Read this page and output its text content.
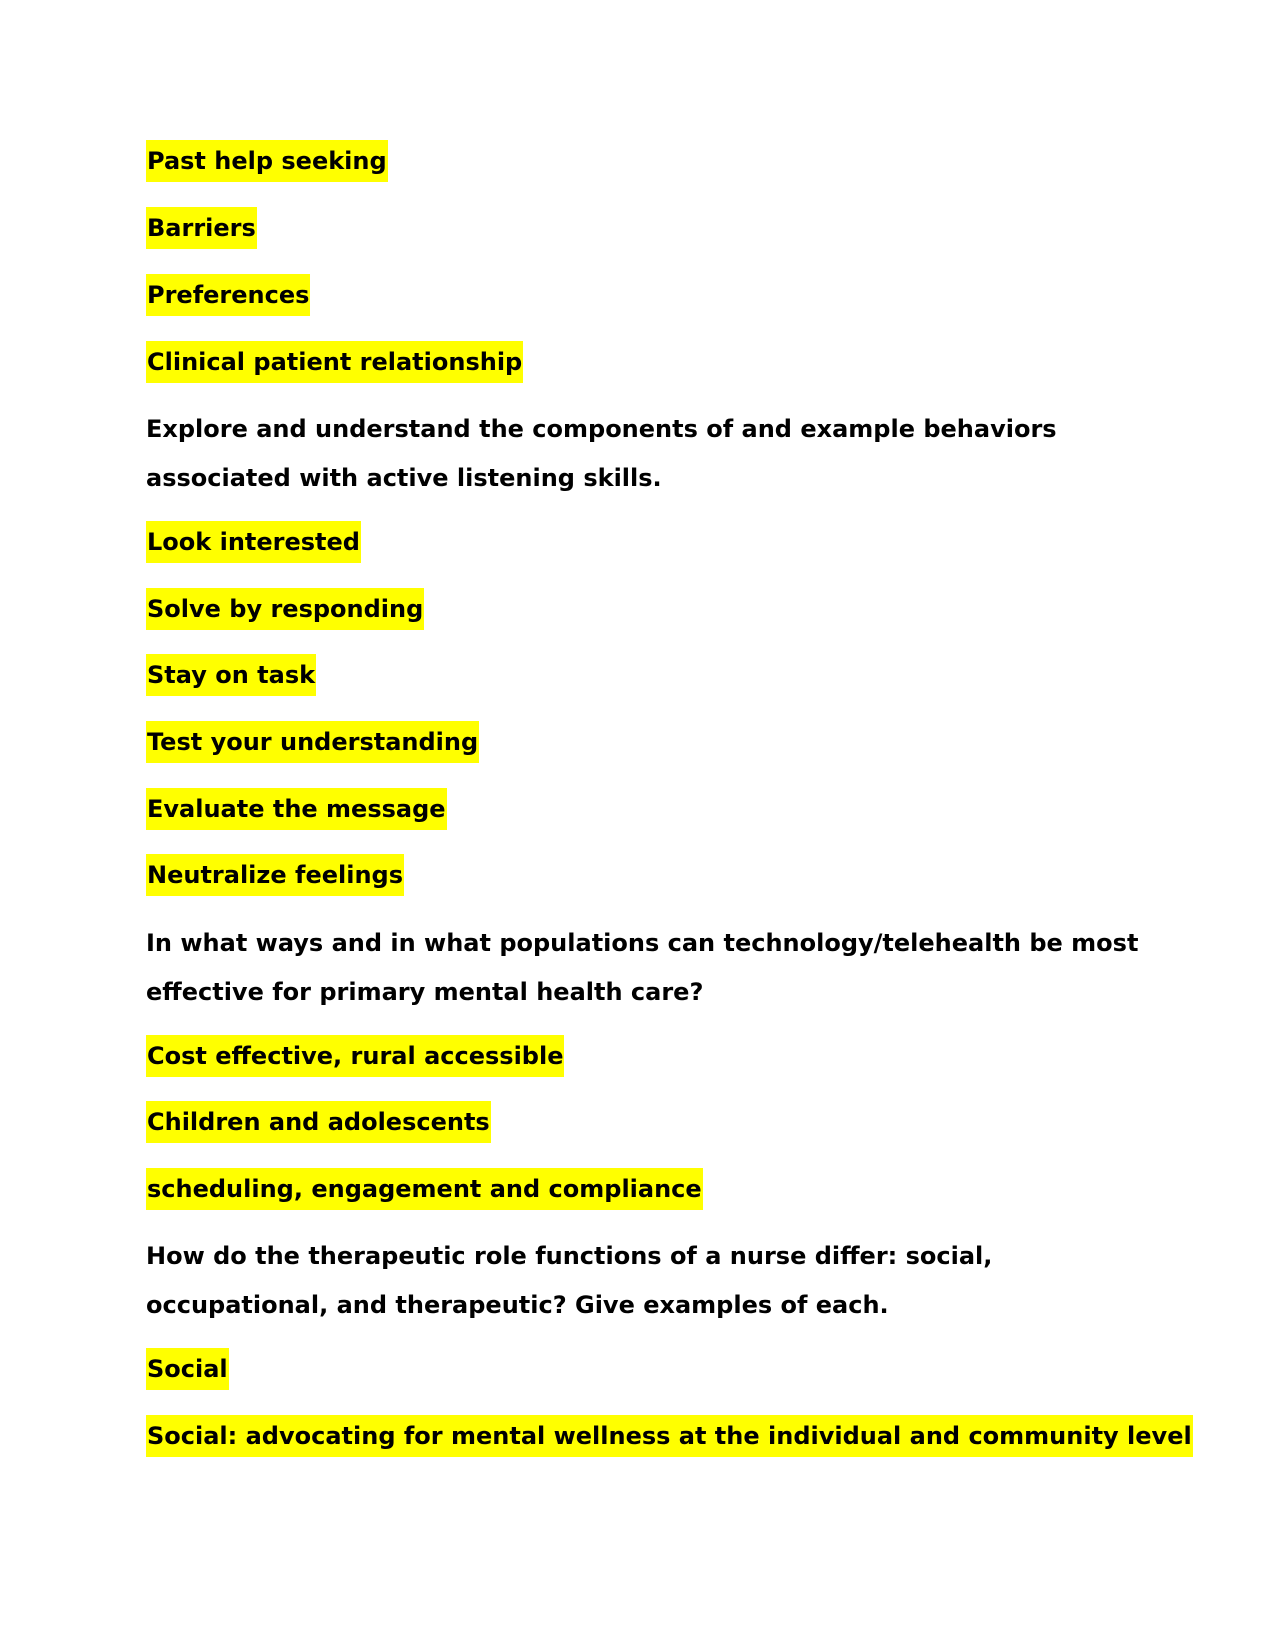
Past help seeking
Barriers
Preferences
Clinical patient relationship
Explore and understand the components of and example behaviors associated with active listening skills.
Look interested
Solve by responding
Stay on task
Test your understanding
Evaluate the message
Neutralize feelings
In what ways and in what populations can technology/telehealth be most effective for primary mental health care?
Cost effective, rural accessible
Children and adolescents
scheduling, engagement and compliance
How do the therapeutic role functions of a nurse differ: social, occupational, and therapeutic? Give examples of each.
Social
Social: advocating for mental wellness at the individual and community level
